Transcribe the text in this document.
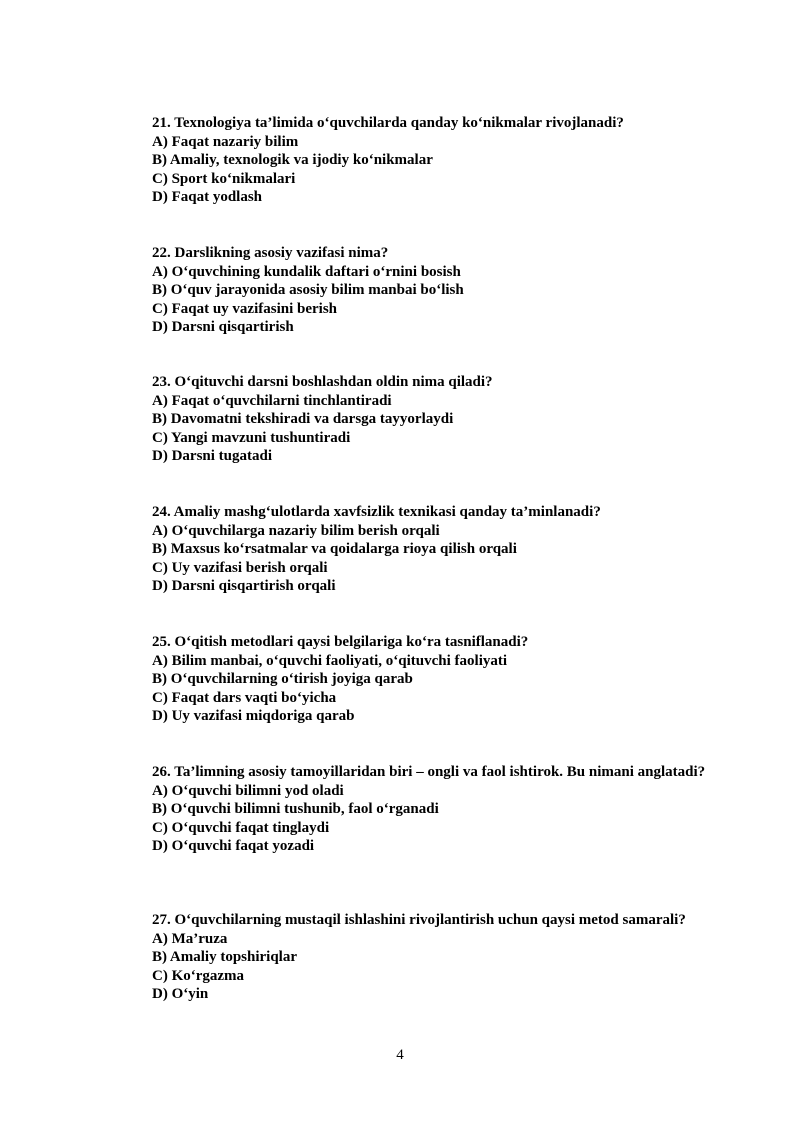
21. Texnologiya ta’limida o‘quvchilarda qanday ko‘nikmalar rivojlanadi?

A) Faqat nazariy bilim

B) Amaliy, texnologik va ijodiy ko‘nikmalar

C) Sport ko‘nikmalari

D) Faqat yodlash

22. Darslikning asosiy vazifasi nima?

A) O‘quvchining kundalik daftari o‘rnini bosish

B) O‘quv jarayonida asosiy bilim manbai bo‘lish

C) Faqat uy vazifasini berish

D) Darsni qisqartirish

23. O‘qituvchi darsni boshlashdan oldin nima qiladi?

A) Faqat o‘quvchilarni tinchlantiradi

B) Davomatni tekshiradi va darsga tayyorlaydi

C) Yangi mavzuni tushuntiradi

D) Darsni tugatadi

24. Amaliy mashg‘ulotlarda xavfsizlik texnikasi qanday ta’minlanadi?

A) O‘quvchilarga nazariy bilim berish orqali

B) Maxsus ko‘rsatmalar va qoidalarga rioya qilish orqali

C) Uy vazifasi berish orqali

D) Darsni qisqartirish orqali

25. O‘qitish metodlari qaysi belgilariga ko‘ra tasniflanadi?

A) Bilim manbai, o‘quvchi faoliyati, o‘qituvchi faoliyati

B) O‘quvchilarning o‘tirish joyiga qarab

C) Faqat dars vaqti bo‘yicha

D) Uy vazifasi miqdoriga qarab

26. Ta’limning asosiy tamoyillaridan biri – ongli va faol ishtirok. Bu nimani anglatadi?

A) O‘quvchi bilimni yod oladi

B) O‘quvchi bilimni tushunib, faol o‘rganadi

C) O‘quvchi faqat tinglaydi

D) O‘quvchi faqat yozadi

27. O‘quvchilarning mustaqil ishlashini rivojlantirish uchun qaysi metod samarali?

A) Ma’ruza

B) Amaliy topshiriqlar

C) Ko‘rgazma

D) O‘yin

4
